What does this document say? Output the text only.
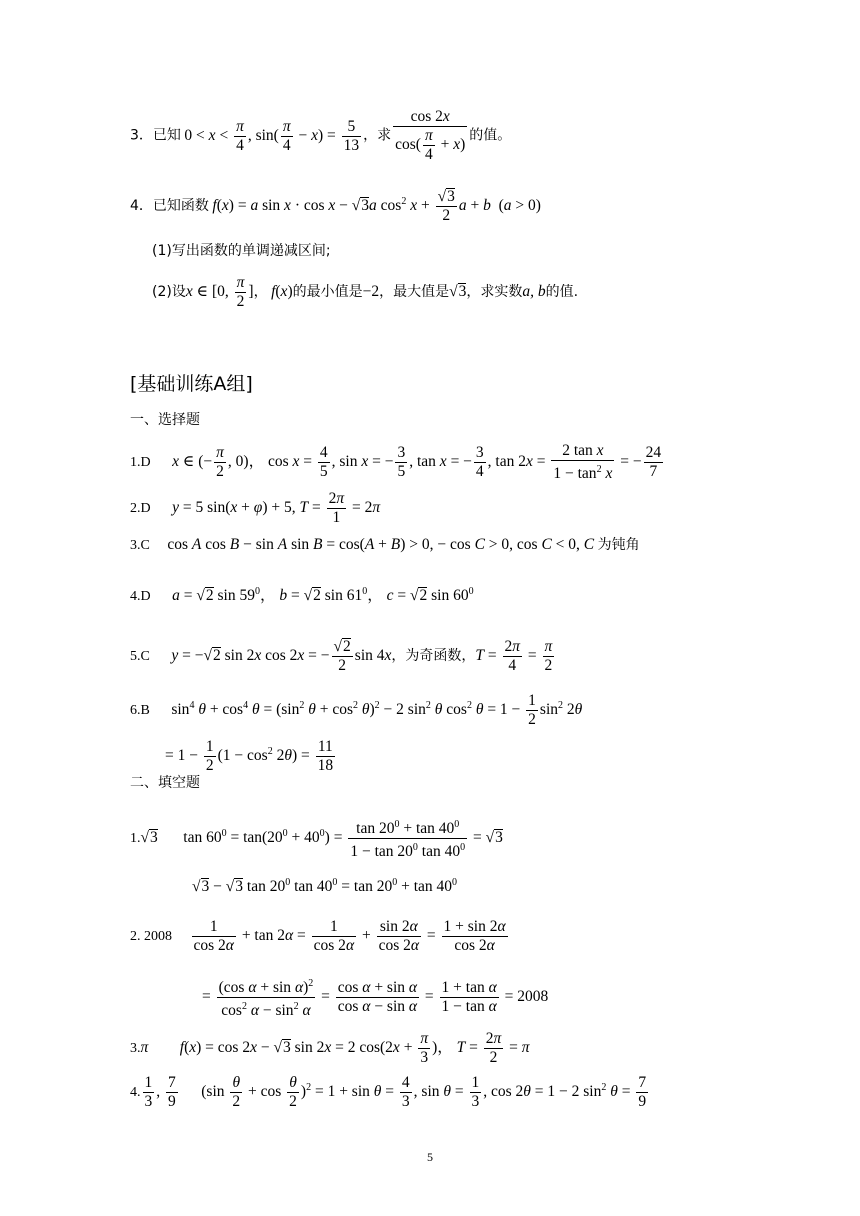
3．已知 $0 < x < \frac{\pi}{4}$ , $\sin( \frac{\pi}{4} - x) = \frac{5}{13}$ ，求 $\frac{\cos 2x}{\cos( \frac{\pi}{4} + x)}$ 的值。
4．已知函数 f(x) = a sin x · cos x − √3a $\cos^2 x + \frac{√3}{2}$ a + b  (a > 0)
(1)写出函数的单调递减区间;
(2)设x ∈ [0, $\frac{\pi}{2}$ ]， f(x)的最小值是−2，最大值是√3，求实数a, b的值.
[基础训练A组]
一、选择题
1.D x ∈ (− $\frac{\pi}{2}$ , 0)， $\cos x = \frac{4}{5}$ , sin x = − $\frac{3}{5}$ , tan x = − $\frac{3}{4}$ , $\tan 2x = \frac{\text{2 tan x}}{1 - \tan^2 x}$ = − $\frac{24}{7}$
2.D y = 5 sin(x + φ) + 5, $T = \frac{2\pi}{1} = 2\pi$
3.C cos A cos B − sin A sin B = cos(A + B) > 0, − cos C > 0, cos C < 0, C 为钝角
4.D a = √2 $\sin 59^0$， b = √2 $\sin 61^0$， c = √2 $\sin 60^0$
5.C y = −√2 sin 2x cos 2x = − $\frac{√2}{2}$ sin 4x，为奇函数，$T = \frac{2\pi}{4} = \frac{\pi}{2}$
6.B $\sin^4 \theta + \cos^4 \theta = (\sin^2$ $\theta + \cos^2 \theta)^2 - 2$ $\sin^2 \theta$ $\cos^2 \theta = 1 - \frac{1}{2} \sin^2 2\theta$
= $1 - \frac{1}{2} (1 - \cos^2 2\theta) = \frac{11}{18}$
二、填空题
1.√3 $\tan 60^0 = \tan(20^0 + 40^0) = \frac{\tan 20^0 + \tan 40^0}{1 - \tan 20^0 \tan 40^0} = √3$
√3 − √3 $\tan 20^0$ $\tan 40^0 = \tan 20^0 + \tan 40^0$
2. $2008 \frac{1}{\cos 2\alpha} + \tan 2\alpha = \frac{1}{\cos 2\alpha} + \frac{\sin 2\alpha}{\cos 2\alpha} = \frac{1 + \sin 2\alpha}{\cos 2\alpha}$
= $\frac{(\cos \alpha + \sin \alpha)^2}{\cos^2 \alpha - \sin^2 \alpha} = \frac{\text{cos α + sin α}}{\text{cos α − sin α}} = \frac{\text{1 + tan α}}{\text{1 − tan α}} = 2008$
3.π f(x) = cos 2x − √3 sin 2x = 2 $\cos(2x + \frac{\pi}{3}$ )， $T = \frac{2\pi}{2} = \pi$
4. $\frac{1}{3}$ , $\frac{7}{9} (\sin \frac{\theta}{2} + \cos \frac{\theta}{2} )^2 = 1 + \sin \theta = \frac{4}{3}$ , $\sin \theta = \frac{1}{3}$ , cos 2θ = 1 − 2 $\sin^2 \theta = \frac{7}{9}$
5
